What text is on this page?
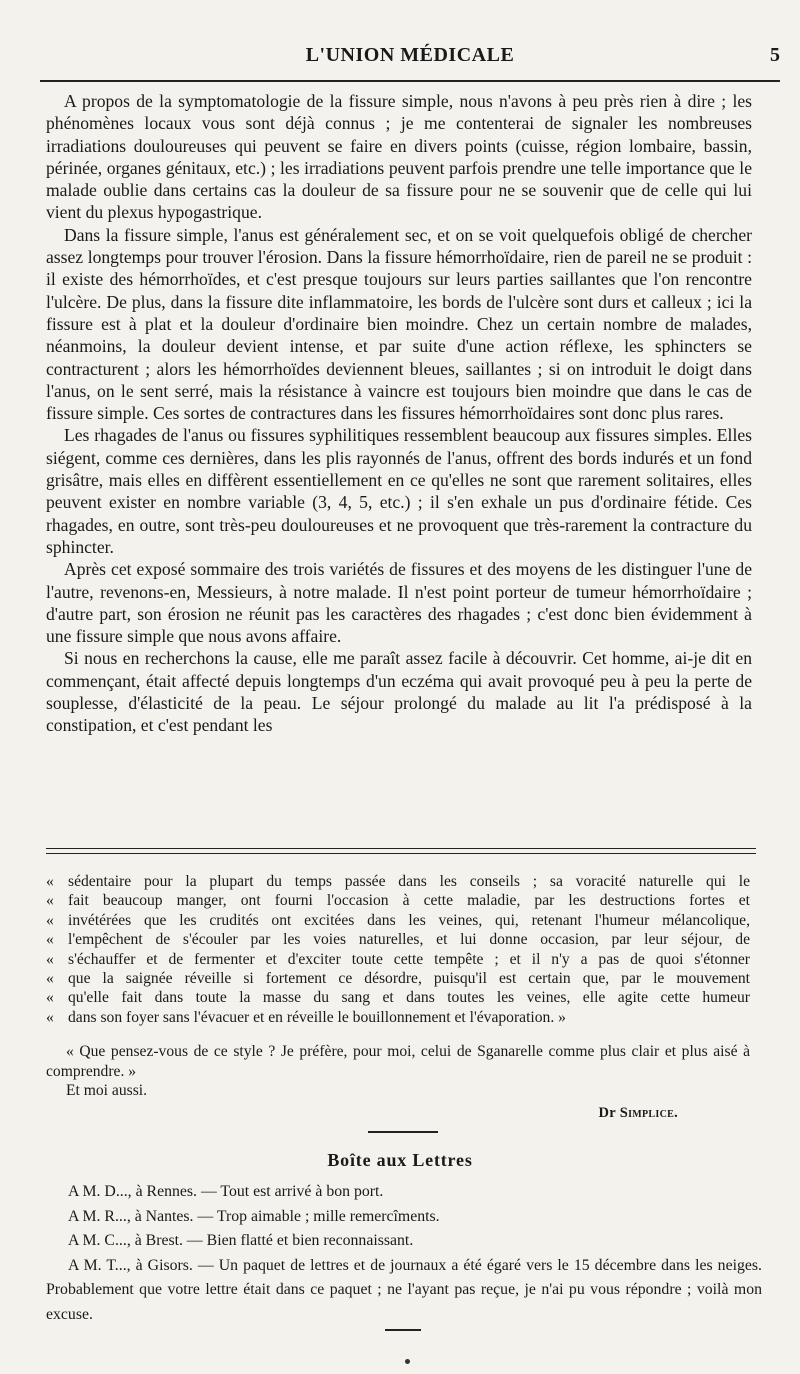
L'UNION MÉDICALE	5

A propos de la symptomatologie de la fissure simple, nous n'avons à peu près rien à dire ; les phénomènes locaux vous sont déjà connus ; je me contenterai de signaler les nombreuses irradiations douloureuses qui peuvent se faire en divers points (cuisse, région lombaire, bassin, périnée, organes génitaux, etc.) ; les irradiations peuvent parfois prendre une telle importance que le malade oublie dans certains cas la douleur de sa fissure pour ne se souvenir que de celle qui lui vient du plexus hypogastrique.

Dans la fissure simple, l'anus est généralement sec, et on se voit quelquefois obligé de chercher assez longtemps pour trouver l'érosion. Dans la fissure hémorrhoïdaire, rien de pareil ne se produit : il existe des hémorrhoïdes, et c'est presque toujours sur leurs parties saillantes que l'on rencontre l'ulcère. De plus, dans la fissure dite inflammatoire, les bords de l'ulcère sont durs et calleux ; ici la fissure est à plat et la douleur d'ordinaire bien moindre. Chez un certain nombre de malades, néanmoins, la douleur devient intense, et par suite d'une action réflexe, les sphincters se contracturent ; alors les hémorrhoïdes deviennent bleues, saillantes ; si on introduit le doigt dans l'anus, on le sent serré, mais la résistance à vaincre est toujours bien moindre que dans le cas de fissure simple. Ces sortes de contractures dans les fissures hémorrhoïdaires sont donc plus rares.

Les rhagades de l'anus ou fissures syphilitiques ressemblent beaucoup aux fissures simples. Elles siégent, comme ces dernières, dans les plis rayonnés de l'anus, offrent des bords indurés et un fond grisâtre, mais elles en diffèrent essentiellement en ce qu'elles ne sont que rarement solitaires, elles peuvent exister en nombre variable (3, 4, 5, etc.) ; il s'en exhale un pus d'ordinaire fétide. Ces rhagades, en outre, sont très-peu douloureuses et ne provoquent que très-rarement la contracture du sphincter.

Après cet exposé sommaire des trois variétés de fissures et des moyens de les distinguer l'une de l'autre, revenons-en, Messieurs, à notre malade. Il n'est point porteur de tumeur hémorrhoïdaire ; d'autre part, son érosion ne réunit pas les caractères des rhagades ; c'est donc bien évidemment à une fissure simple que nous avons affaire.

Si nous en recherchons la cause, elle me paraît assez facile à découvrir. Cet homme, ai-je dit en commençant, était affecté depuis longtemps d'un eczéma qui avait provoqué peu à peu la perte de souplesse, d'élasticité de la peau. Le séjour prolongé du malade au lit l'a prédisposé à la constipation, et c'est pendant les

« sédentaire pour la plupart du temps passée dans les conseils ; sa voracité naturelle qui le
« fait beaucoup manger, ont fourni l'occasion à cette maladie, par les destructions fortes et
« invétérées que les crudités ont excitées dans les veines, qui, retenant l'humeur mélancolique,
« l'empêchent de s'écouler par les voies naturelles, et lui donne occasion, par leur séjour, de
« s'échauffer et de fermenter et d'exciter toute cette tempête ; et il n'y a pas de quoi s'étonner
« que la saignée réveille si fortement ce désordre, puisqu'il est certain que, par le mouvement
« qu'elle fait dans toute la masse du sang et dans toutes les veines, elle agite cette humeur
« dans son foyer sans l'évacuer et en réveille le bouillonnement et l'évaporation. »

« Que pensez-vous de ce style ? Je préfère, pour moi, celui de Sganarelle comme plus clair et plus aisé à comprendre. »

Et moi aussi.

Dr Simplice.
Boîte aux Lettres

A M. D..., à Rennes. — Tout est arrivé à bon port.

A M. R..., à Nantes. — Trop aimable ; mille remercîments.

A M. C..., à Brest. — Bien flatté et bien reconnaissant.

A M. T..., à Gisors. — Un paquet de lettres et de journaux a été égaré vers le 15 décembre dans les neiges. Probablement que votre lettre était dans ce paquet ; ne l'ayant pas reçue, je n'ai pu vous répondre ; voilà mon excuse.
